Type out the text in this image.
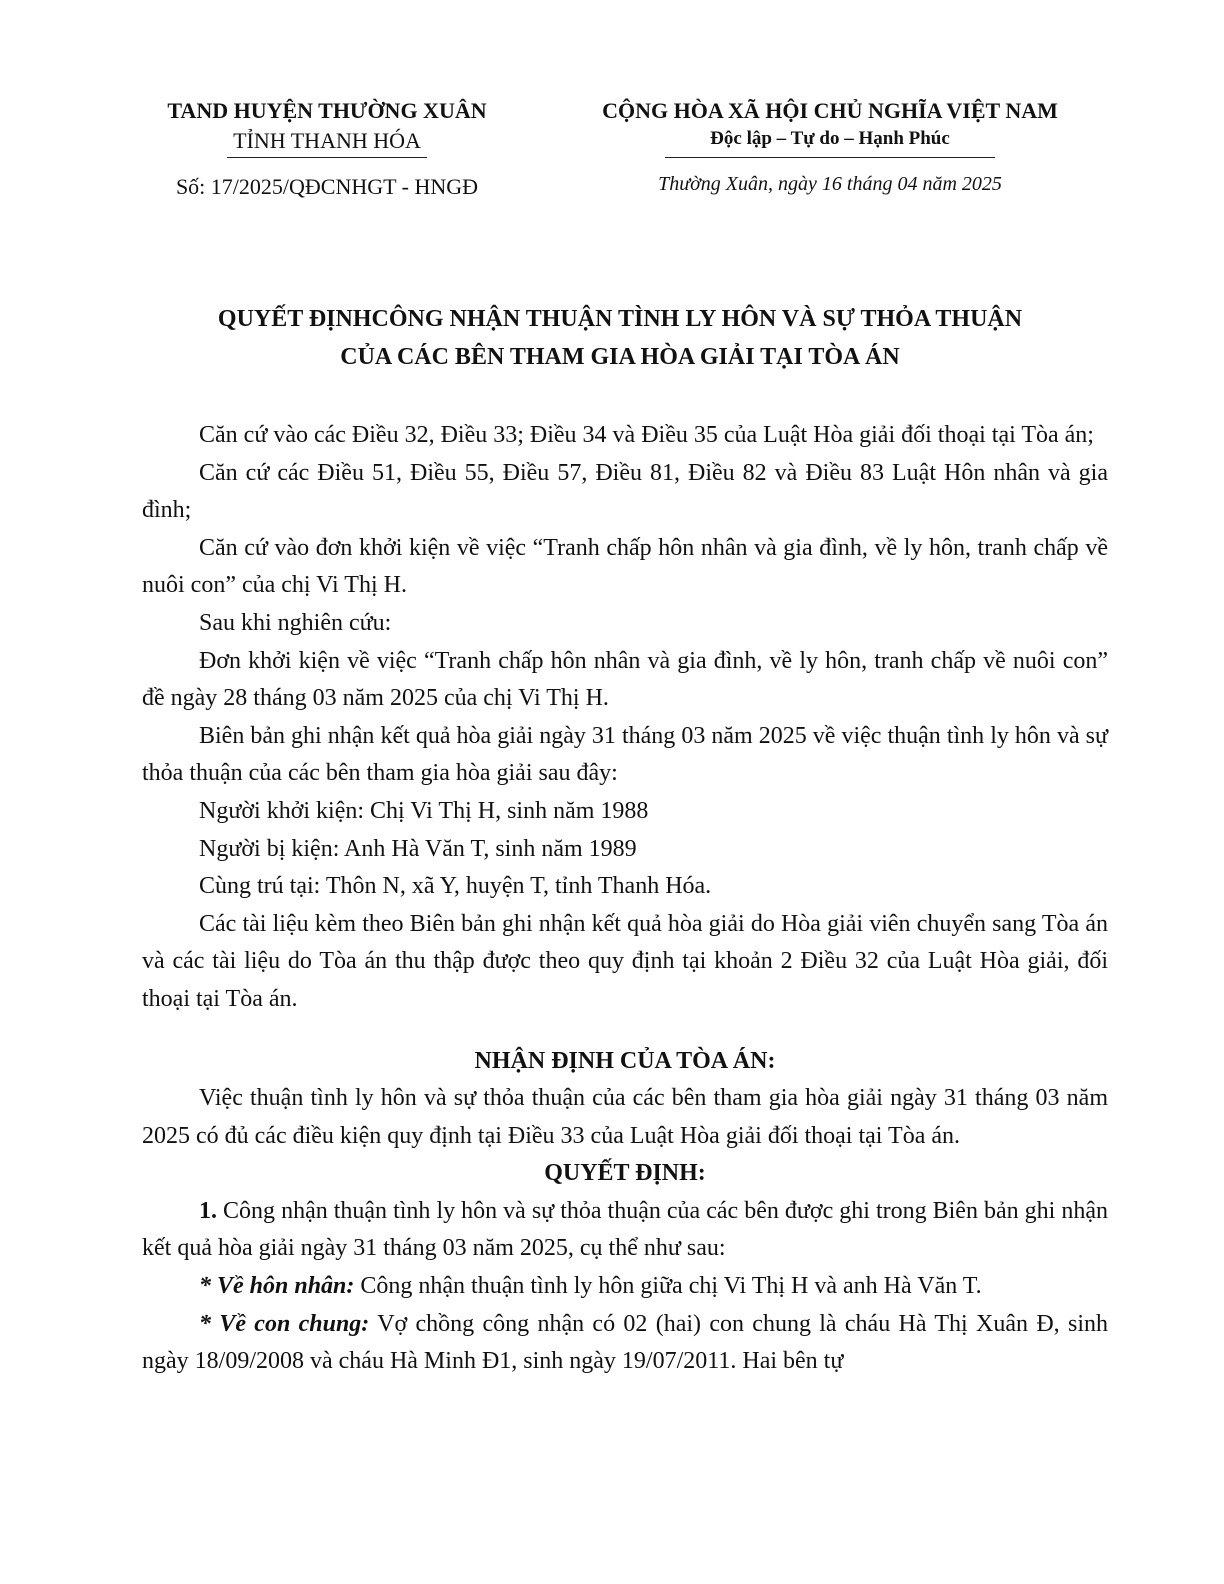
TAND HUYỆN THƯỜNG XUÂN
TỈNH THANH HÓA
Số: 17/2025/QĐCNHGT - HNGĐ
CỘNG HÒA XÃ HỘI CHỦ NGHĨA VIỆT NAM
Độc lập – Tự do – Hạnh Phúc
Thường Xuân, ngày 16 tháng 04 năm 2025
QUYẾT ĐỊNHCÔNG NHẬN THUẬN TÌNH LY HÔN VÀ SỰ THỎA THUẬN
CỦA CÁC BÊN THAM GIA HÒA GIẢI TẠI TÒA ÁN

Căn cứ vào các Điều 32, Điều 33; Điều 34 và Điều 35 của Luật Hòa giải đối thoại tại Tòa án;

Căn cứ các Điều 51, Điều 55, Điều 57, Điều 81, Điều 82 và Điều 83 Luật Hôn nhân và gia đình;

Căn cứ vào đơn khởi kiện về việc “Tranh chấp hôn nhân và gia đình, về ly hôn, tranh chấp về nuôi con” của chị Vi Thị H.

Sau khi nghiên cứu:

Đơn khởi kiện về việc “Tranh chấp hôn nhân và gia đình, về ly hôn, tranh chấp về nuôi con” đề ngày 28 tháng 03 năm 2025 của chị Vi Thị H.

Biên bản ghi nhận kết quả hòa giải ngày 31 tháng 03 năm 2025 về việc thuận tình ly hôn và sự thỏa thuận của các bên tham gia hòa giải sau đây:

Người khởi kiện: Chị Vi Thị H, sinh năm 1988

Người bị kiện: Anh Hà Văn T, sinh năm 1989

Cùng trú tại: Thôn N, xã Y, huyện T, tỉnh Thanh Hóa.

Các tài liệu kèm theo Biên bản ghi nhận kết quả hòa giải do Hòa giải viên chuyển sang Tòa án và các tài liệu do Tòa án thu thập được theo quy định tại khoản 2 Điều 32 của Luật Hòa giải, đối thoại tại Tòa án.

NHẬN ĐỊNH CỦA TÒA ÁN:

Việc thuận tình ly hôn và sự thỏa thuận của các bên tham gia hòa giải ngày 31 tháng 03 năm 2025 có đủ các điều kiện quy định tại Điều 33 của Luật Hòa giải đối thoại tại Tòa án.

QUYẾT ĐỊNH:

1. Công nhận thuận tình ly hôn và sự thỏa thuận của các bên được ghi trong Biên bản ghi nhận kết quả hòa giải ngày 31 tháng 03 năm 2025, cụ thể như sau:

* Về hôn nhân: Công nhận thuận tình ly hôn giữa chị Vi Thị H và anh Hà Văn T.

* Về con chung: Vợ chồng công nhận có 02 (hai) con chung là cháu Hà Thị Xuân Đ, sinh ngày 18/09/2008 và cháu Hà Minh Đ1, sinh ngày 19/07/2011. Hai bên tự
